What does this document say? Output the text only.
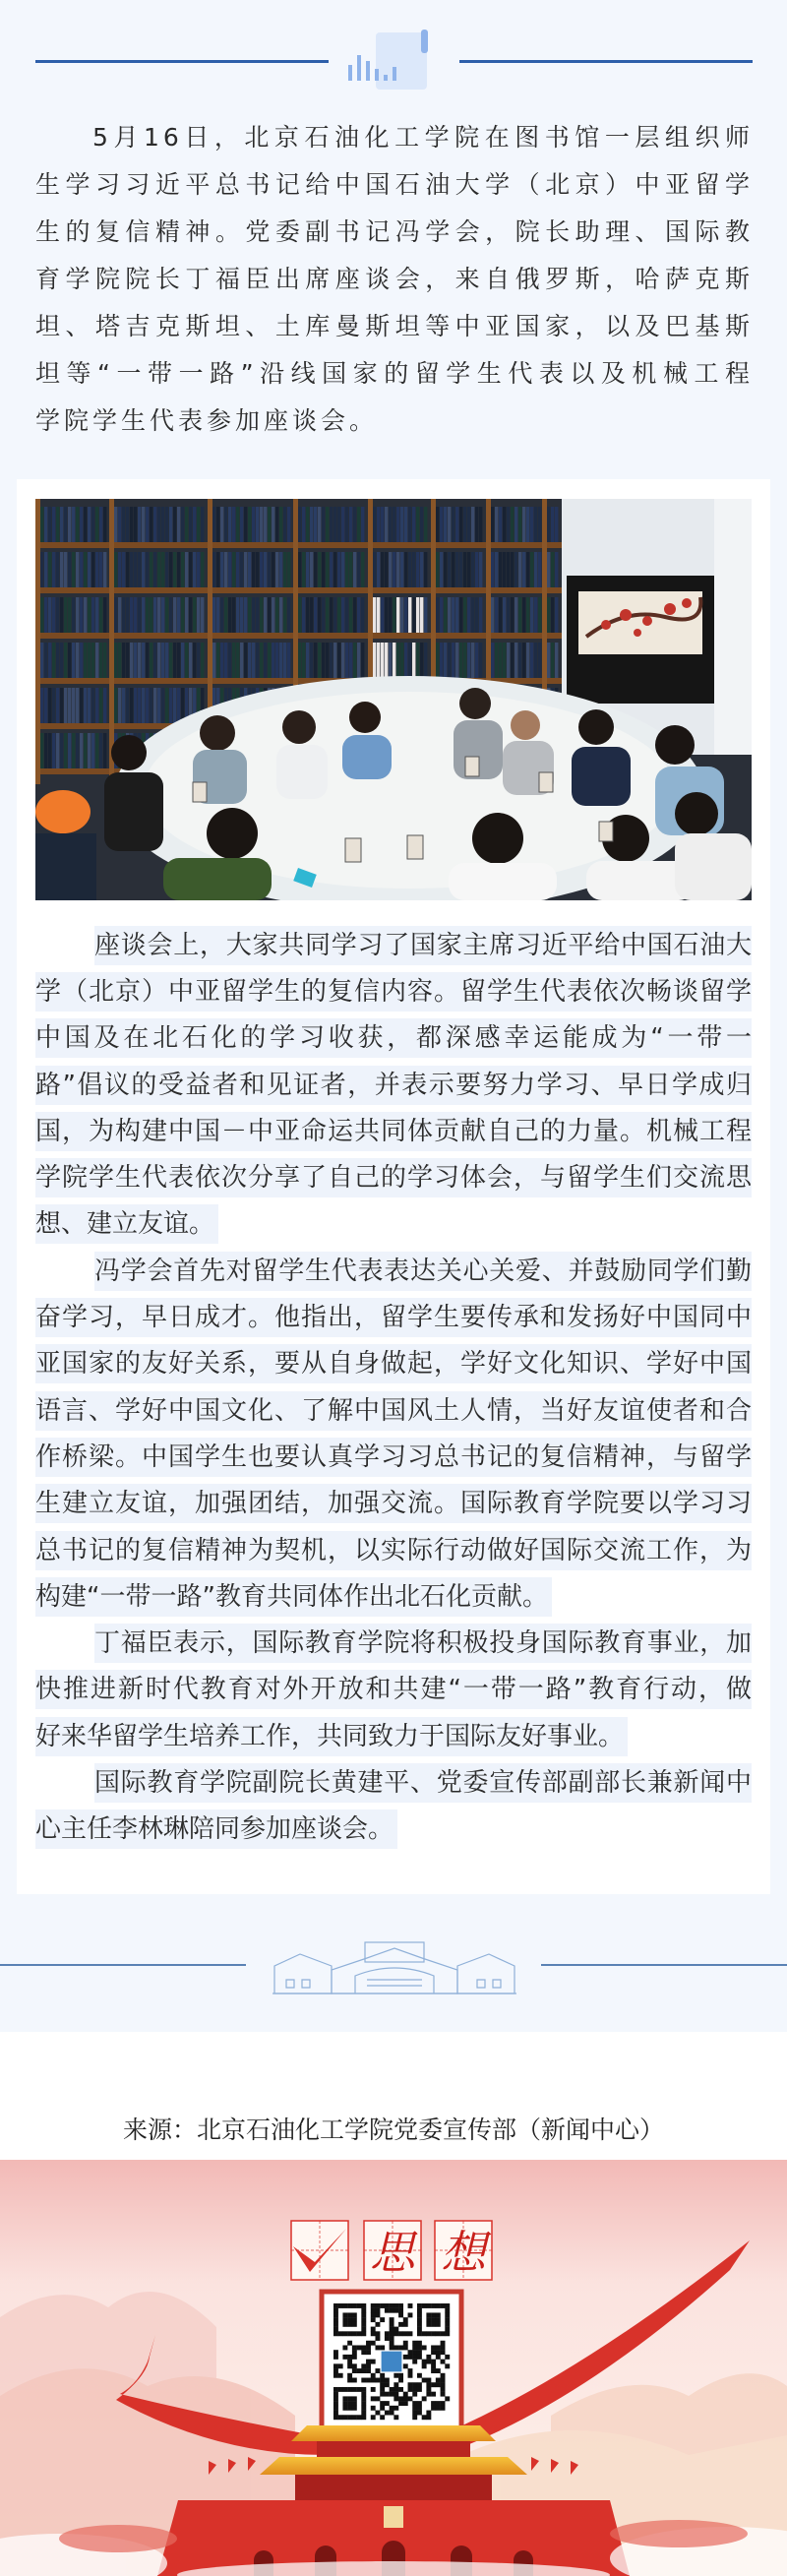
5月16日，北京石油化工学院在图书馆一层组织师
生学习习近平总书记给中国石油大学（北京）中亚留学
生的复信精神。党委副书记冯学会，院长助理、国际教
育学院院长丁福臣出席座谈会，来自俄罗斯，哈萨克斯
坦、塔吉克斯坦、土库曼斯坦等中亚国家，以及巴基斯
坦等“一带一路”沿线国家的留学生代表以及机械工程
学院学生代表参加座谈会。
座谈会上，大家共同学习了国家主席习近平给中国石油大
学（北京）中亚留学生的复信内容。留学生代表依次畅谈留学
中国及在北石化的学习收获，都深感幸运能成为“一带一
路”倡议的受益者和见证者，并表示要努力学习、早日学成归
国，为构建中国－中亚命运共同体贡献自己的力量。机械工程
学院学生代表依次分享了自己的学习体会，与留学生们交流思
想、建立友谊。
冯学会首先对留学生代表表达关心关爱、并鼓励同学们勤
奋学习，早日成才。他指出，留学生要传承和发扬好中国同中
亚国家的友好关系，要从自身做起，学好文化知识、学好中国
语言、学好中国文化、了解中国风土人情，当好友谊使者和合
作桥梁。中国学生也要认真学习习总书记的复信精神，与留学
生建立友谊，加强团结，加强交流。国际教育学院要以学习习
总书记的复信精神为契机，以实际行动做好国际交流工作，为
构建“一带一路”教育共同体作出北石化贡献。
丁福臣表示，国际教育学院将积极投身国际教育事业，加
快推进新时代教育对外开放和共建“一带一路”教育行动，做
好来华留学生培养工作，共同致力于国际友好事业。
国际教育学院副院长黄建平、党委宣传部副部长兼新闻中
心主任李林琳陪同参加座谈会。
来源：北京石油化工学院党委宣传部（新闻中心）
思 想
